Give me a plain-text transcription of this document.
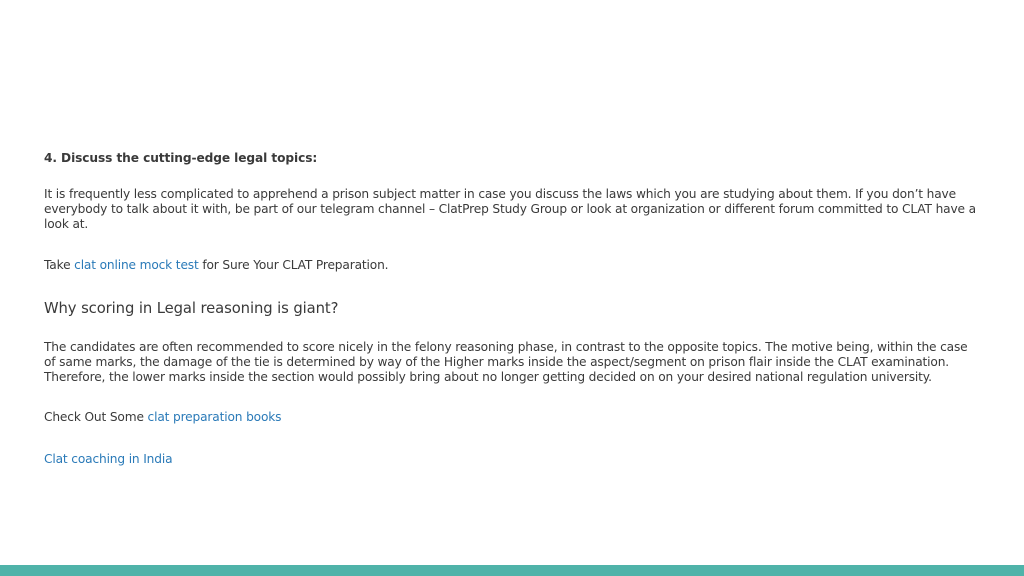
4. Discuss the cutting-edge legal topics:
It is frequently less complicated to apprehend a prison subject matter in case you discuss the laws which you are studying about them. If you don’t have everybody to talk about it with, be part of our telegram channel – ClatPrep Study Group or look at organization or different forum committed to CLAT have a look at.
Take clat online mock test for Sure Your CLAT Preparation.
Why scoring in Legal reasoning is giant?
The candidates are often recommended to score nicely in the felony reasoning phase, in contrast to the opposite topics. The motive being, within the case of same marks, the damage of the tie is determined by way of the Higher marks inside the aspect/segment on prison flair inside the CLAT examination. Therefore, the lower marks inside the section would possibly bring about no longer getting decided on on your desired national regulation university.
Check Out Some clat preparation books
Clat coaching in India
